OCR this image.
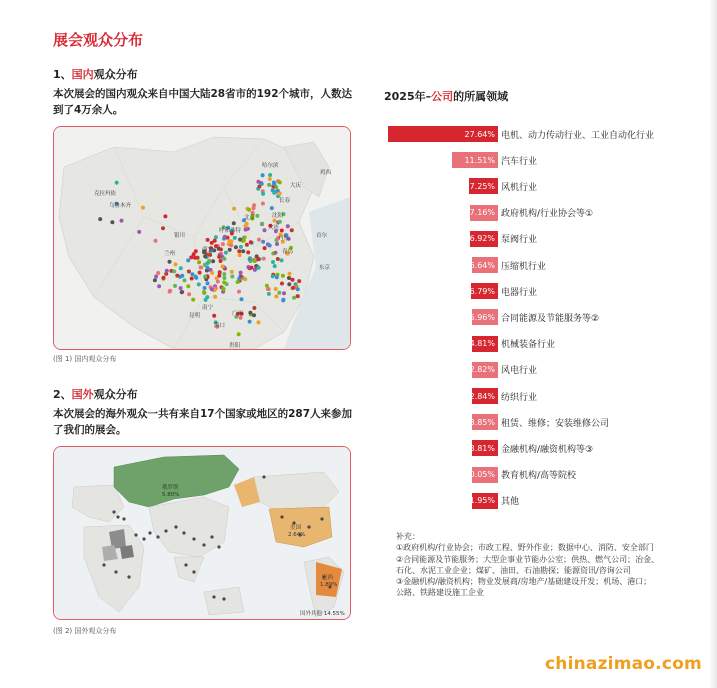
展会观众分布
1、国内观众分布
本次展会的国内观众来自中国大陆28省市的192个城市，人数达到了4万余人。
克拉玛依
乌鲁木齐
哈尔滨
大庆
长春
沈阳
鸡西
北京
大连
丹东
青岛
呼和浩特
银川
西安
兰州
东京
首尔
昆明
南宁
广州
海口
贵阳
(图 1) 国内观众分布
2、国外观众分布
本次展会的海外观众一共有来自17个国家或地区的287人来参加了我们的展会。
俄罗斯
5.80%
美国
2.64%
巴西
1.89%
国外其他 14.55%
(图 2) 国外观众分布
2025年–公司的所属领域
27.64% 电机、动力传动行业、工业自动化行业
11.51% 汽车行业
7.25% 风机行业
7.16% 政府机构/行业协会等①
6.92% 泵阀行业
6.64% 压缩机行业
6.79% 电器行业
5.96% 合同能源及节能服务等②
4.81% 机械装备行业
2.82% 风电行业
2.84% 纺织行业
3.85% 租赁、维修；安装维修公司
3.81% 金融机构/融资机构等③
0.05% 教育机构/高等院校
1.95% 其他
补充：
①政府机构/行业协会；市政工程、野外作业；数据中心、消防、安全部门
②合同能源及节能服务；大型企事业节能办公室；供热、燃气公司；冶金、
石化、水泥工业企业；煤矿、油田、石油勘探；能源资讯/咨询公司
③金融机构/融资机构；物业发展商/房地产/基础建设开发；机场、港口；
公路、铁路建设施工企业
chinazimao.com
